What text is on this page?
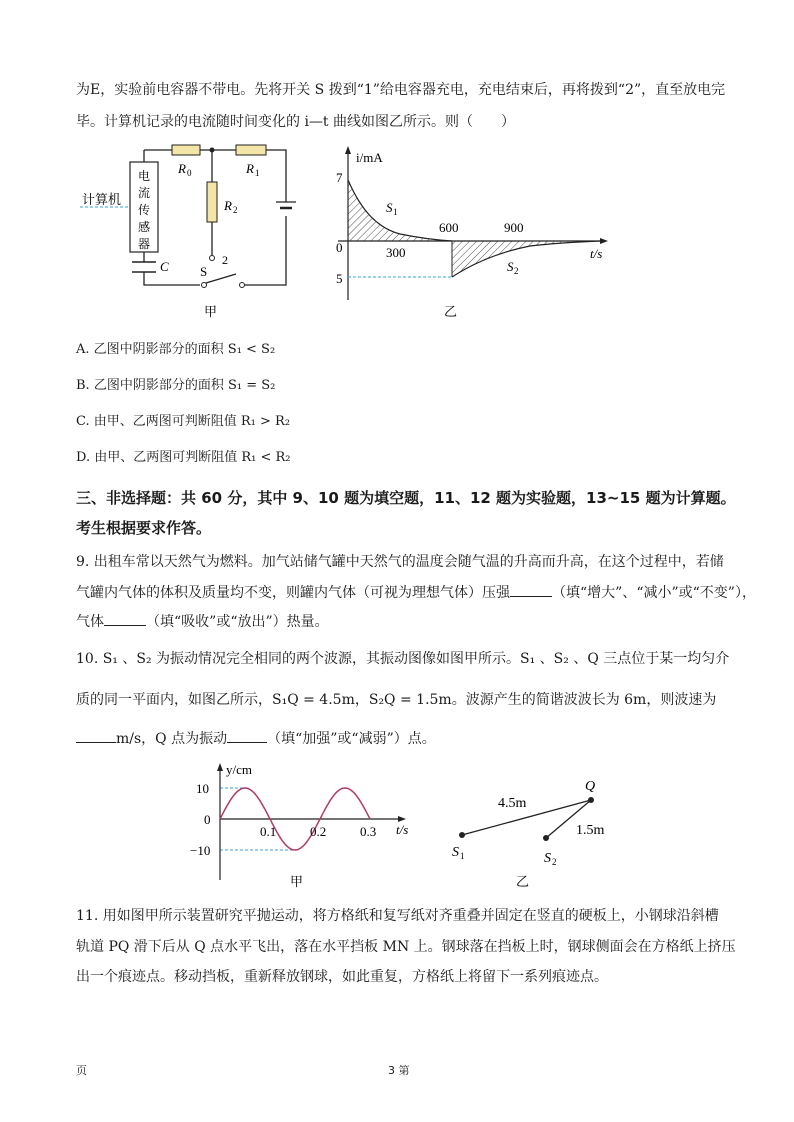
为E，实验前电容器不带电。先将开关 S 拨到“1”给电容器充电，充电结束后，再将拨到“2”，直至放电完
毕。计算机记录的电流随时间变化的 i—t 曲线如图乙所示。则（　　）
计算机
电
流
传
感
器
R 0	R 1
R 2
C S
2
甲
i/mA
7
0
5
300
600	900
t/s
S 1
S 2
乙
A. 乙图中阴影部分的面积 S₁ < S₂
B. 乙图中阴影部分的面积 S₁ = S₂
C. 由甲、乙两图可判断阻值 R₁ > R₂
D. 由甲、乙两图可判断阻值 R₁ < R₂
三、非选择题：共 60 分，其中 9、10 题为填空题，11、12 题为实验题，13~15 题为计算题。
考生根据要求作答。
9. 出租车常以天然气为燃料。加气站储气罐中天然气的温度会随气温的升高而升高，在这个过程中，若储
气罐内气体的体积及质量均不变，则罐内气体（可视为理想气体）压强	（填“增大”、“减小”或“不变”），
气体	（填“吸收”或“放出”）热量。
10. S₁ 、S₂ 为振动情况完全相同的两个波源，其振动图像如图甲所示。S₁ 、S₂ 、Q 三点位于某一均匀介
质的同一平面内，如图乙所示，S₁Q = 4.5m，S₂Q = 1.5m。波源产生的简谐波波长为 6m，则波速为
m/s，Q 点为振动	（填“加强”或“减弱”）点。
y/cm
10
0
−10
0.1	0.2	0.3 t/s
甲
4.5m
1.5m
Q
S 1	S 2
乙
11. 用如图甲所示装置研究平抛运动，将方格纸和复写纸对齐重叠并固定在竖直的硬板上，小钢球沿斜槽
轨道 PQ 滑下后从 Q 点水平飞出，落在水平挡板 MN 上。钢球落在挡板上时，钢球侧面会在方格纸上挤压
出一个痕迹点。移动挡板，重新释放钢球，如此重复，方格纸上将留下一系列痕迹点。
页	3 第
